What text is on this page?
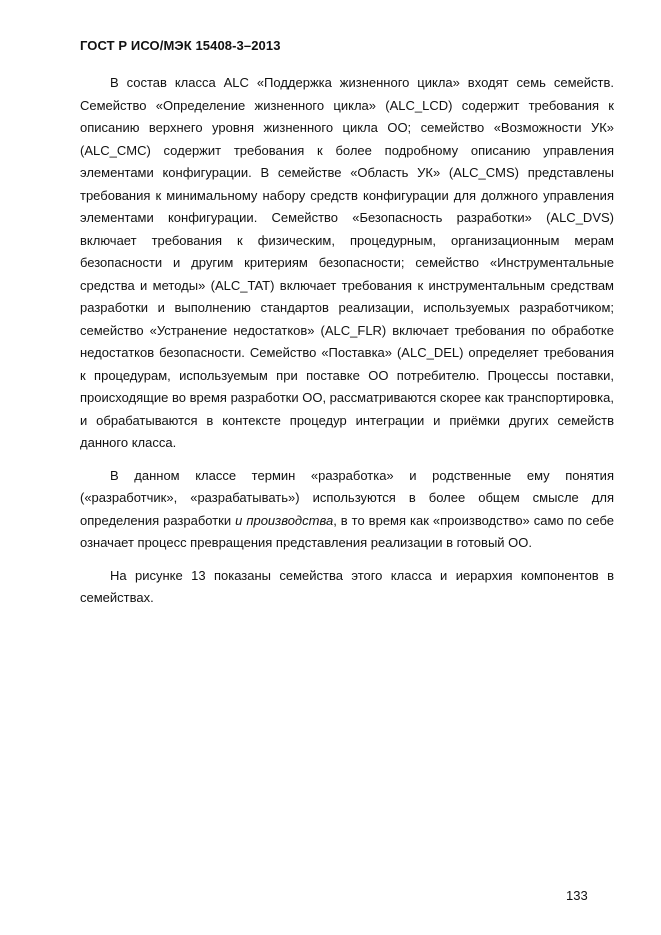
ГОСТ Р ИСО/МЭК 15408-3–2013

В состав класса ALC «Поддержка жизненного цикла» входят семь семейств. Семейство «Определение жизненного цикла» (ALC_LCD) содержит требования к описанию верхнего уровня жизненного цикла ОО; семейство «Возможности УК» (ALC_CMC) содержит требования к более подробному описанию управления элементами конфигурации. В семействе «Область УК» (ALC_CMS) представлены требования к минимальному набору средств конфигурации для должного управления элементами конфигурации. Семейство «Безопасность разработки» (ALC_DVS) включает требования к физическим, процедурным, организационным мерам безопасности и другим критериям безопасности; семейство «Инструментальные средства и методы» (ALC_TAT) включает требования к инструментальным средствам разработки и выполнению стандартов реализации, используемых разработчиком; семейство «Устранение недостатков» (ALC_FLR) включает требования по обработке недостатков безопасности. Семейство «Поставка» (ALC_DEL) определяет требования к процедурам, используемым при поставке ОО потребителю. Процессы поставки, происходящие во время разработки ОО, рассматриваются скорее как транспортировка, и обрабатываются в контексте процедур интеграции и приёмки других семейств данного класса.

В данном классе термин «разработка» и родственные ему понятия («разработчик», «разрабатывать») используются в более общем смысле для определения разработки и производства, в то время как «производство» само по себе означает процесс превращения представления реализации в готовый ОО.

На рисунке 13 показаны семейства этого класса и иерархия компонентов в семействах.

133
